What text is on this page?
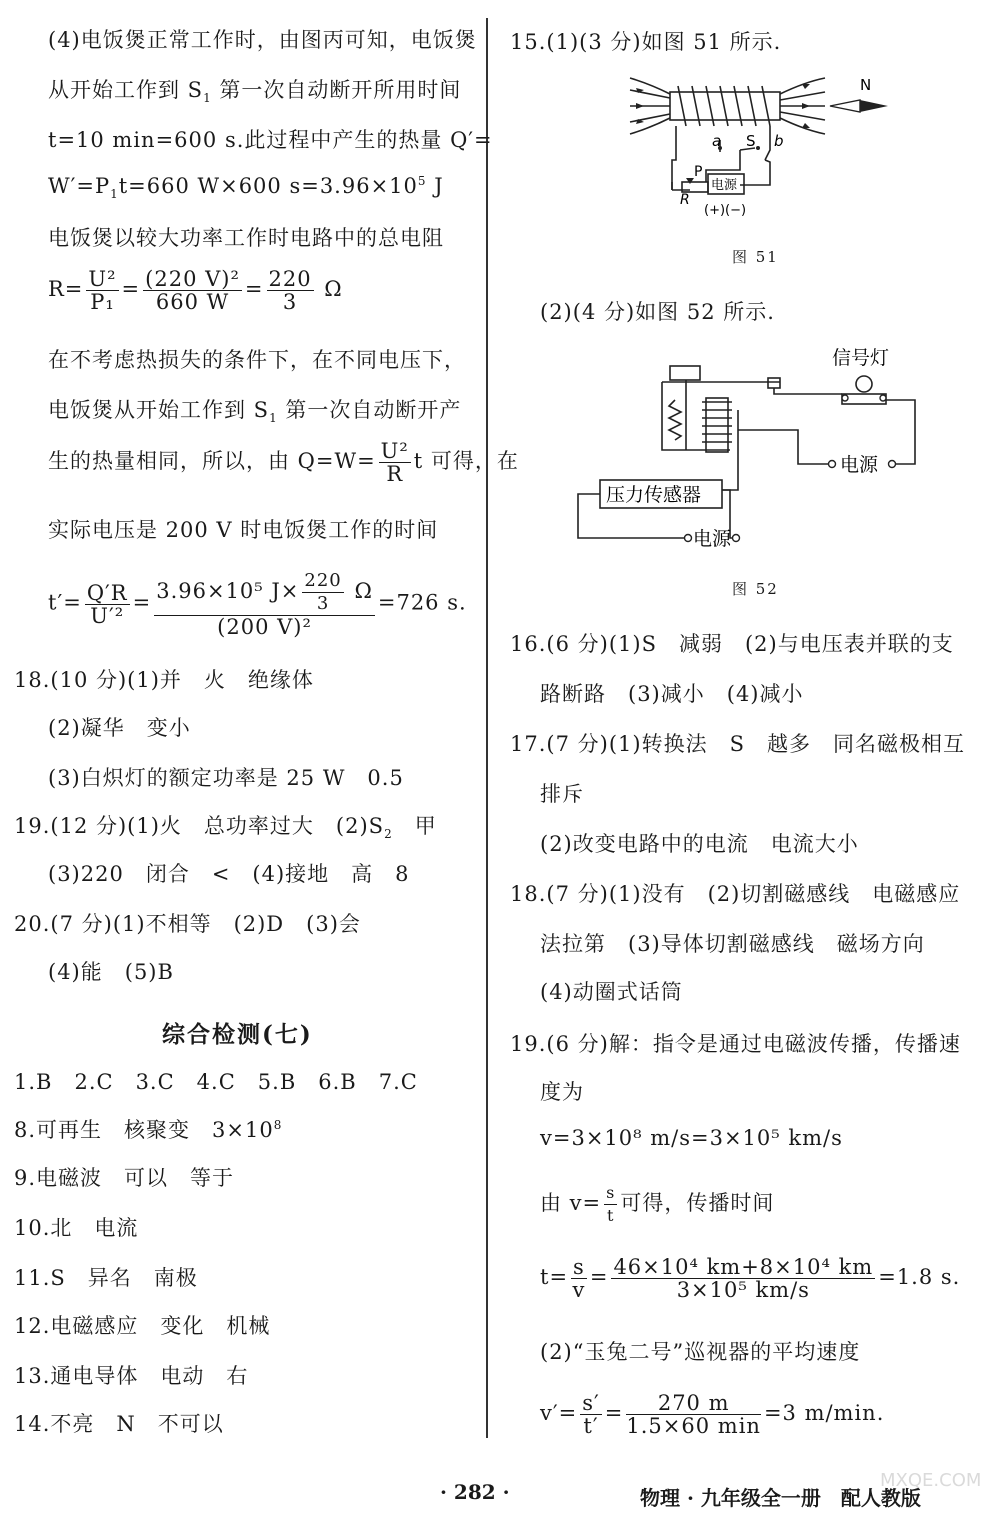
(4)电饭煲正常工作时，由图丙可知，电饭煲
从开始工作到 $S_1$ 第一次自动断开所用时间
t=10 min=600 s.此过程中产生的热量 Q′=
$W'=P_1t=660$ W×600 $s=3.96\times 10^5$ J
电饭煲以较大功率工作时电路中的总电阻
$R= \frac{\text{U²}}{\text{P₁}} = \frac{\text{(220 V)²}}{660 W} = \frac{220}{3}$ Ω
在不考虑热损失的条件下，在不同电压下，
电饭煲从开始工作到 $S_1$ 第一次自动断开产
生的热量相同，所以，由 $Q=W= \frac{\text{U²}}{R}$ t 可得，在
实际电压是 200 V 时电饭煲工作的时间
$t'= \frac{Q'R}{\text{U′²}} = \frac{3.96\times 10^5 J\times \frac{220}{3} \Omega}{\text{(200 V)²}} =726$ s.
18.(10 分)(1)并　火　绝缘体
(2)凝华　变小
(3)白炽灯的额定功率是 25 W　0.5
19.(12 分)(1)火　总功率过大　$(2)S_2$　甲
(3)220　闭合　<　(4)接地　高　8
20.(7 分)(1)不相等　(2)D　(3)会
(4)能　(5)B
综合检测(七)
1.B　2.C　3.C　4.C　5.B　6.B　7.C
8.可再生　核聚变　$3\times 10^8$
9.电磁波　可以　等于
10.北　电流
11.S　异名　南极
12.电磁感应　变化　机械
13.通电导体　电动　右
14.不亮　N　不可以
15.(1)(3 分)如图 51 所示.
N
a S b
P
R
电源
(+)(−)
图 51
(2)(4 分)如图 52 所示.
信号灯
电源
压力传感器
电源
图 52
16.(6 分)(1)S　减弱　(2)与电压表并联的支
路断路　(3)减小　(4)减小
17.(7 分)(1)转换法　S　越多　同名磁极相互
排斥
(2)改变电路中的电流　电流大小
18.(7 分)(1)没有　(2)切割磁感线　电磁感应
法拉第　(3)导体切割磁感线　磁场方向
(4)动圈式话筒
19.(6 分)解：指令是通过电磁波传播，传播速
度为
v=3×10⁸ m/s=3×10⁵ km/s
由 $v= \frac{s}{t}$ 可得，传播时间
$t= \frac{s}{v} = \frac{\text{46×10⁴ km+8×10⁴ km}}{\text{3×10⁵ km/s}} =1.8$ s.
(2)“玉兔二号”巡视器的平均速度
$v'= \frac{s'}{t'} = \frac{270 m}{1.5\times 60 \min} =3$ m/min.
· 282 ·	物理 · 九年级全一册　配人教版
MXQE.COM
